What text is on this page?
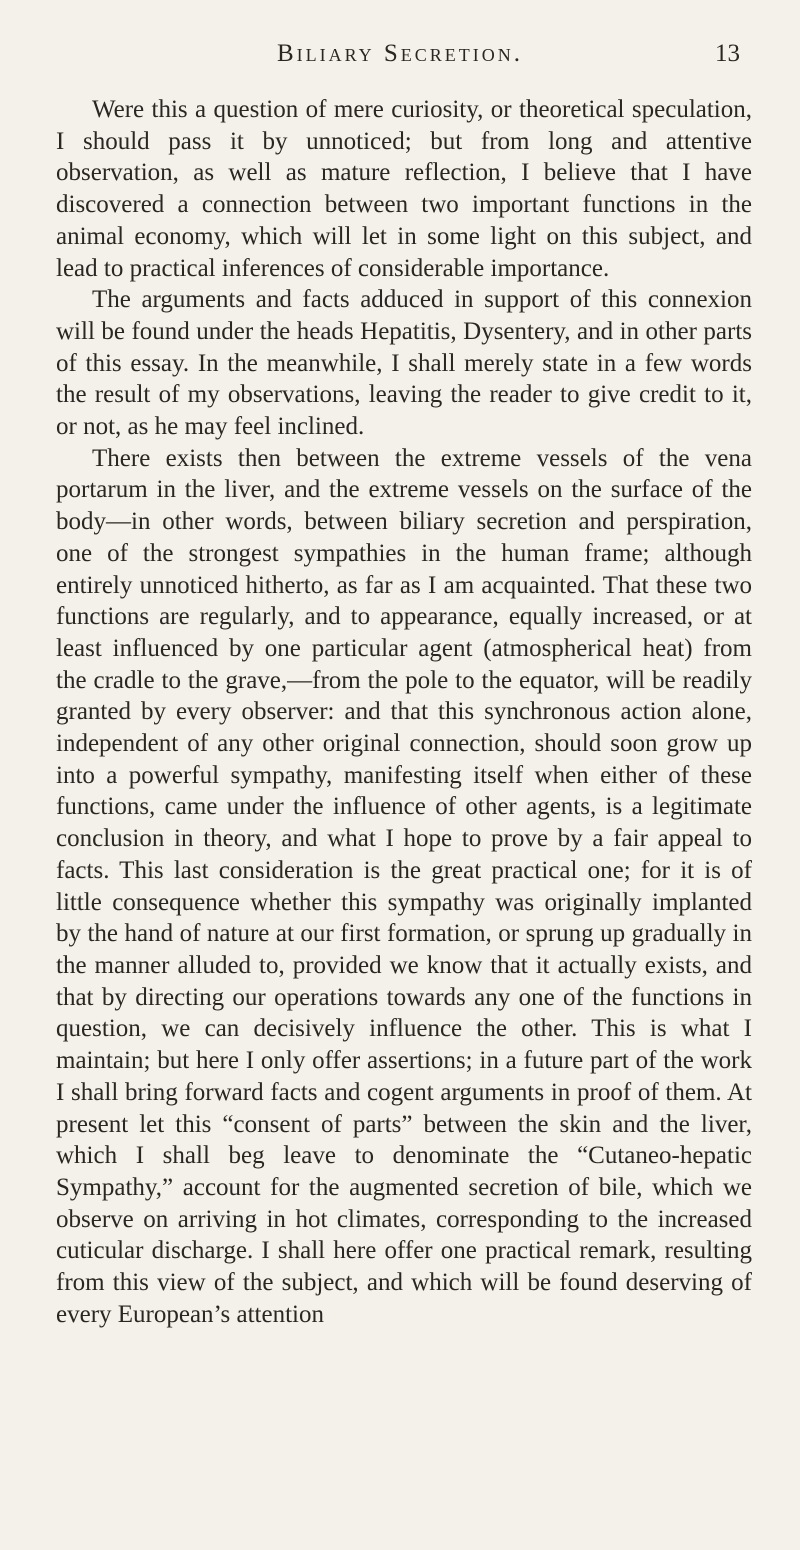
Biliary Secretion.	13

Were this a question of mere curiosity, or theoretical speculation, I should pass it by unnoticed; but from long and attentive observation, as well as mature reflection, I believe that I have discovered a connection between two important functions in the animal economy, which will let in some light on this subject, and lead to practical inferences of considerable importance.

The arguments and facts adduced in support of this connexion will be found under the heads Hepatitis, Dysentery, and in other parts of this essay. In the meanwhile, I shall merely state in a few words the result of my observations, leaving the reader to give credit to it, or not, as he may feel inclined.

There exists then between the extreme vessels of the vena portarum in the liver, and the extreme vessels on the surface of the body—in other words, between biliary secretion and perspiration, one of the strongest sympathies in the human frame; although entirely unnoticed hitherto, as far as I am acquainted. That these two functions are regularly, and to appearance, equally increased, or at least influenced by one particular agent (atmospherical heat) from the cradle to the grave,—from the pole to the equator, will be readily granted by every observer: and that this synchronous action alone, independent of any other original connection, should soon grow up into a powerful sympathy, manifesting itself when either of these functions, came under the influence of other agents, is a legitimate conclusion in theory, and what I hope to prove by a fair appeal to facts. This last consideration is the great practical one; for it is of little consequence whether this sympathy was originally implanted by the hand of nature at our first formation, or sprung up gradually in the manner alluded to, provided we know that it actually exists, and that by directing our operations towards any one of the functions in question, we can decisively influence the other. This is what I maintain; but here I only offer assertions; in a future part of the work I shall bring forward facts and cogent arguments in proof of them. At present let this “consent of parts” between the skin and the liver, which I shall beg leave to denominate the “Cutaneo-hepatic Sympathy,” account for the augmented secretion of bile, which we observe on arriving in hot climates, corresponding to the increased cuticular discharge. I shall here offer one practical remark, resulting from this view of the subject, and which will be found deserving of every European’s attention
